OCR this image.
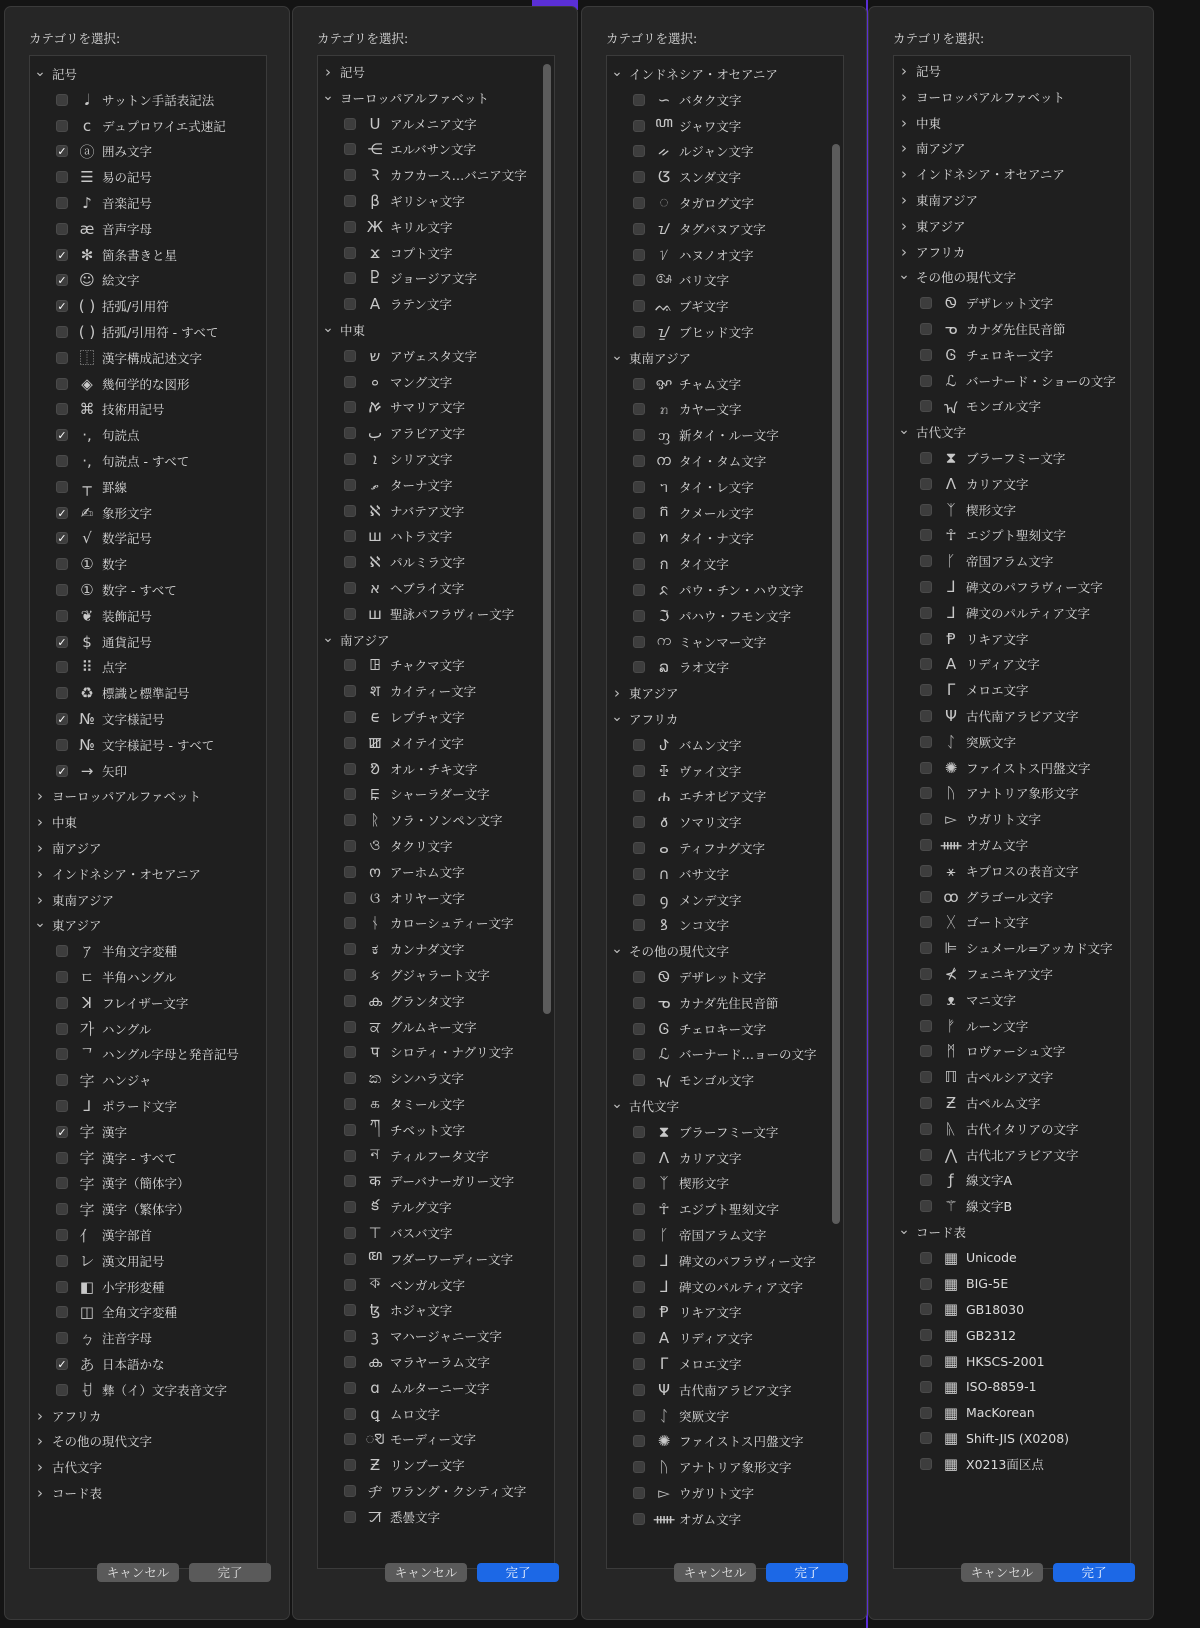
カテゴリを選択:
⌄ 記号
𝅘𝅥	サットン手話表記法
ⅽ デュプロワイエ式速記
✓ ⓐ 囲み文字
☰ 易の記号
♪ 音楽記号
æ 音声字母
✓ ✻ 箇条書きと星
✓ ☺ 絵文字
✓ ( ) 括弧/引用符
( ) 括弧/引用符 - すべて
⿰ 漢字構成記述文字
◈ 幾何学的な図形
⌘ 技術用記号
✓	·, 句読点
·, 句読点 - すべて
┬ 罫線
✓ ✍ 象形文字
✓	√ 数学記号
① 数字
① 数字 - すべて
❦ 装飾記号
✓	$ 通貨記号
⠿ 点字
♻ 標識と標準記号
✓ № 文字様記号
№ 文字様記号 - すべて
✓ → 矢印
› ヨーロッパアルファベット
› 中東
› 南アジア
› インドネシア・オセアニア
› 東南アジア
⌄ 東アジア
ｱ 半角文字変種
ﾧ 半角ハングル
ꓘ フレイザー文字
가 ハングル
ᄀ ハングル字母と発音記号
字 ハンジャ
𖼀 ポラード文字
✓ 字 漢字
字 漢字 - すべて
字 漢字（簡体字）
字 漢字（繁体字）
⺅ 漢字部首
レ 漢文用記号
◧ 小字形変種
◫ 全角文字変種
ㄅ 注音字母
✓ あ 日本語かな
ꀀ 彝（イ）文字表音文字
› アフリカ
› その他の現代文字
› 古代文字
› コード表
キャンセル	完了
カテゴリを選択:
› 記号
⌄ ヨーロッパアルファベット
Ս アルメニア文字
⋲ エルバサン文字
Ꝛ カフカース…バニア文字
β ギリシャ文字
Ж キリル文字
ϫ コプト文字
Ⴒ ジョージア文字
A ラテン文字
⌄ 中東
ש アヴェスタ文字
ࡀ マング文字
ࠀ サマリア文字
ب アラビア文字
ܐ	シリア文字
ތ ターナ文字
ℵ ナバテア文字
ш ハトラ文字
ℵ パルミラ文字
א ヘブライ文字
ш 聖詠パフラヴィー文字
⌄ 南アジア
ꖸ チャクマ文字
श カイティー文字
ᰀ レプチャ文字
ꯀ メイテイ文字
ᱚ オル・チキ文字
ꡀ シャーラダー文字
ᚱ ソラ・ソンペン文字
ও タクリ文字
ო アーホム文字
ଓ オリヤー文字
ᚾ カローシュティー文字
ಕ カンナダ文字
ક グジャラート文字
ക グランタ文字
ਕ グルムキー文字
प シロティ・ナグリ文字
ක シンハラ文字
க タミール文字
ཀ チベット文字
ন ティルフータ文字
क デーバナーガリー文字
క テルグ文字
⊤ バスバ文字
ꦩ フダーワーディー文字
ক ベンガル文字
ꜩ ホジャ文字
ꝫ マハージャニー文字
ക マラヤーラム文字
ɑ ムルターニー文字
ꝗ ムロ文字
ꣂ モーディー文字
Ƶ リンブー文字
ヂ ワラング・クシティ文字
ꠀ 悉曇文字
キャンセル	完了
カテゴリを選択:
⌄ インドネシア・オセアニア
∽ バタク文字
ꦲ ジャワ文字
ᨀ ルジャン文字
ᮃ スンダ文字
ᜀ タガログ文字
ᝀ タグバヌア文字
ᜠ ハヌノオ文字
ᬅ バリ文字
ᨕ ブギ文字
ᝁ ブヒッド文字
⌄ 東南アジア
ꨀ チャム文字
ꤊ カヤー文字
ᦀ 新タイ・ルー文字
ᨠ タイ・タム文字
ᥐ タイ・レ文字
ក クメール文字
ꪀ タイ・ナ文字
ก タイ文字
ᨅ パウ・チン・ハウ文字
ℑ パハウ・フモン文字
က ミャンマー文字
ລ ラオ文字
› 東アジア
⌄ アフリカ
ꚠ バムン文字
ꔀ ヴァイ文字
ሐ エチオピア文字
𐒀 ソマリ文字
ⴰ ティフナグ文字
∩ バサ文字
ꝯ メンデ文字
ꝸ ンコ文字
⌄ その他の現代文字
Ꮻ デザレット文字
ᓀ カナダ先住民音節
Ꮆ チェロキー文字
ℒ バーナード…ョーの文字
ᠠ モンゴル文字
⌄ 古代文字
⧗ ブラーフミー文字
Λ カリア文字
ᛉ 楔形文字
☥ エジプト聖刻文字
ᚴ 帝国アラム文字
ᒧ 碑文のパフラヴィー文字
ᒧ 碑文のパルティア文字
Ᵽ リキア文字
A リディア文字
ᒥ メロエ文字
Ψ 古代南アラビア文字
ᛇ 突厥文字
✺ ファイストス円盤文字
ᚢ アナトリア象形文字
▻ ウガリト文字
ᚔ オガム文字
キャンセル	完了
カテゴリを選択:
› 記号
› ヨーロッパアルファベット
› 中東
› 南アジア
› インドネシア・オセアニア
› 東南アジア
› 東アジア
› アフリカ
⌄ その他の現代文字
Ꮻ デザレット文字
ᓀ カナダ先住民音節
Ꮆ チェロキー文字
ℒ バーナード・ショーの文字
ᠠ モンゴル文字
⌄ 古代文字
⧗ ブラーフミー文字
Λ カリア文字
ᛉ 楔形文字
☥ エジプト聖刻文字
ᚴ 帝国アラム文字
ᒧ 碑文のパフラヴィー文字
ᒧ 碑文のパルティア文字
Ᵽ リキア文字
A リディア文字
ᒥ メロエ文字
Ψ 古代南アラビア文字
ᛇ 突厥文字
✺ ファイストス円盤文字
ᚢ アナトリア象形文字
▻ ウガリト文字
ᚔ オガム文字
⚹ キプロスの表音文字
ꝏ グラゴール文字
ᚷ ゴート文字
⊫ シュメール=アッカド文字
⊀ フェニキア文字
ᴥ マニ文字
ᚠ ルーン文字
ᛗ ロヴァーシュ文字
ℿ 古ペルシア文字
Ƶ 古ペルム文字
ᚣ 古代イタリアの文字
⋀ 古代北アラビア文字
ƒ 線文字A
⚚ 線文字B
⌄ コード表
▦ Unicode
▦ BIG-5E
▦ GB18030
▦ GB2312
▦ HKSCS-2001
▦ ISO-8859-1
▦ MacKorean
▦ Shift-JIS (X0208)
▦ X0213面区点
キャンセル	完了
